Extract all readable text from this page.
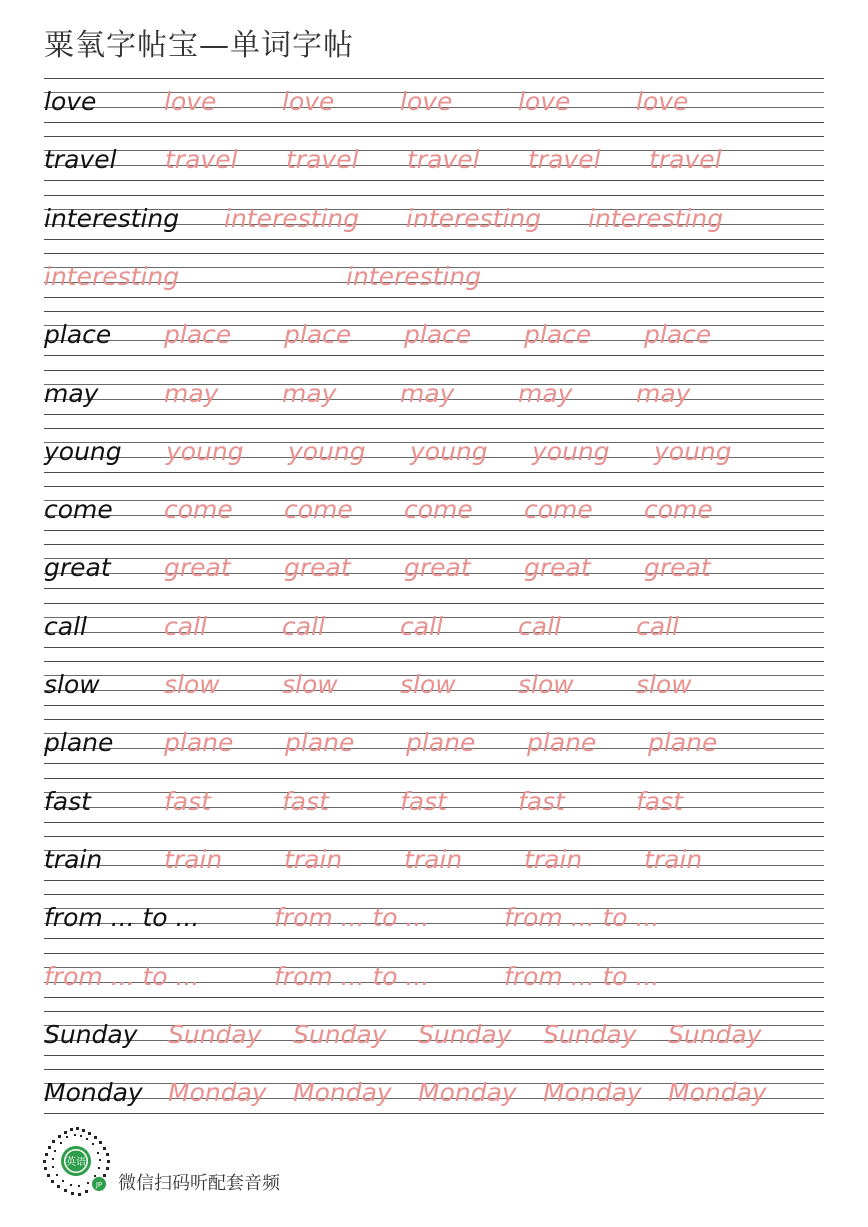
粟氧字帖宝—单词字帖
love	love	love	love	love	love
travel travel travel travel travel travel
interesting interesting interesting interesting
interesting	interesting
place place place place place place
may	may	may	may	may	may
young young young young young young
come come come come come come
great great great great great great
call	call	call	call	call	call
slow	slow slow slow slow slow
plane plane plane plane plane plane
fast	fast	fast	fast	fast	fast
train train train train train train
from ... to ...	from ... to ...	from ... to ...
from ... to ...	from ... to ...	from ... to ...
Sunday Sunday Sunday Sunday Sunday Sunday
Monday Monday Monday Monday Monday Monday
英语
JP 微信扫码听配套音频
